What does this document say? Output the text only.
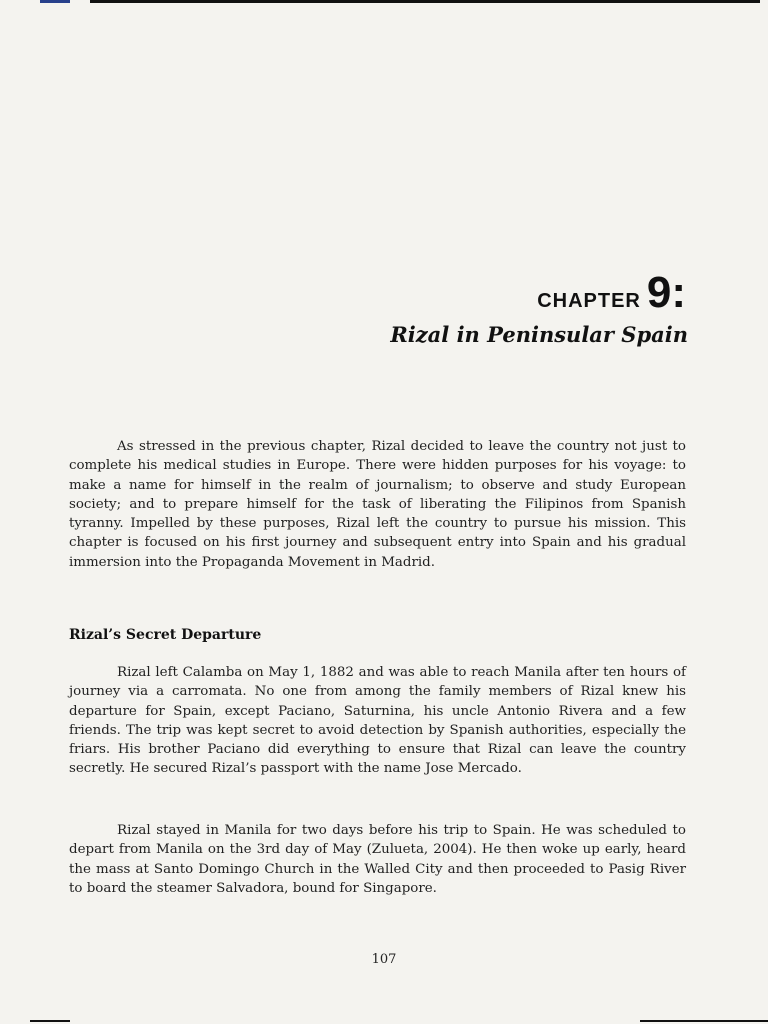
CHAPTER 9:
Rizal in Peninsular Spain

As stressed in the previous chapter, Rizal decided to leave the country not just to complete his medical studies in Europe. There were hidden purposes for his voyage: to make a name for himself in the realm of journalism; to observe and study European society; and to prepare himself for the task of liberating the Filipinos from Spanish tyranny. Impelled by these purposes, Rizal left the country to pursue his mission. This chapter is focused on his first journey and subsequent entry into Spain and his gradual immersion into the Propaganda Movement in Madrid.

Rizal’s Secret Departure

Rizal left Calamba on May 1, 1882 and was able to reach Manila after ten hours of journey via a carromata. No one from among the family members of Rizal knew his departure for Spain, except Paciano, Saturnina, his uncle Antonio Rivera and a few friends. The trip was kept secret to avoid detection by Spanish authorities, especially the friars. His brother Paciano did everything to ensure that Rizal can leave the country secretly. He secured Rizal’s passport with the name Jose Mercado.

Rizal stayed in Manila for two days before his trip to Spain. He was scheduled to depart from Manila on the 3rd day of May (Zulueta, 2004). He then woke up early, heard the mass at Santo Domingo Church in the Walled City and then proceeded to Pasig River to board the steamer Salvadora, bound for Singapore.

107
